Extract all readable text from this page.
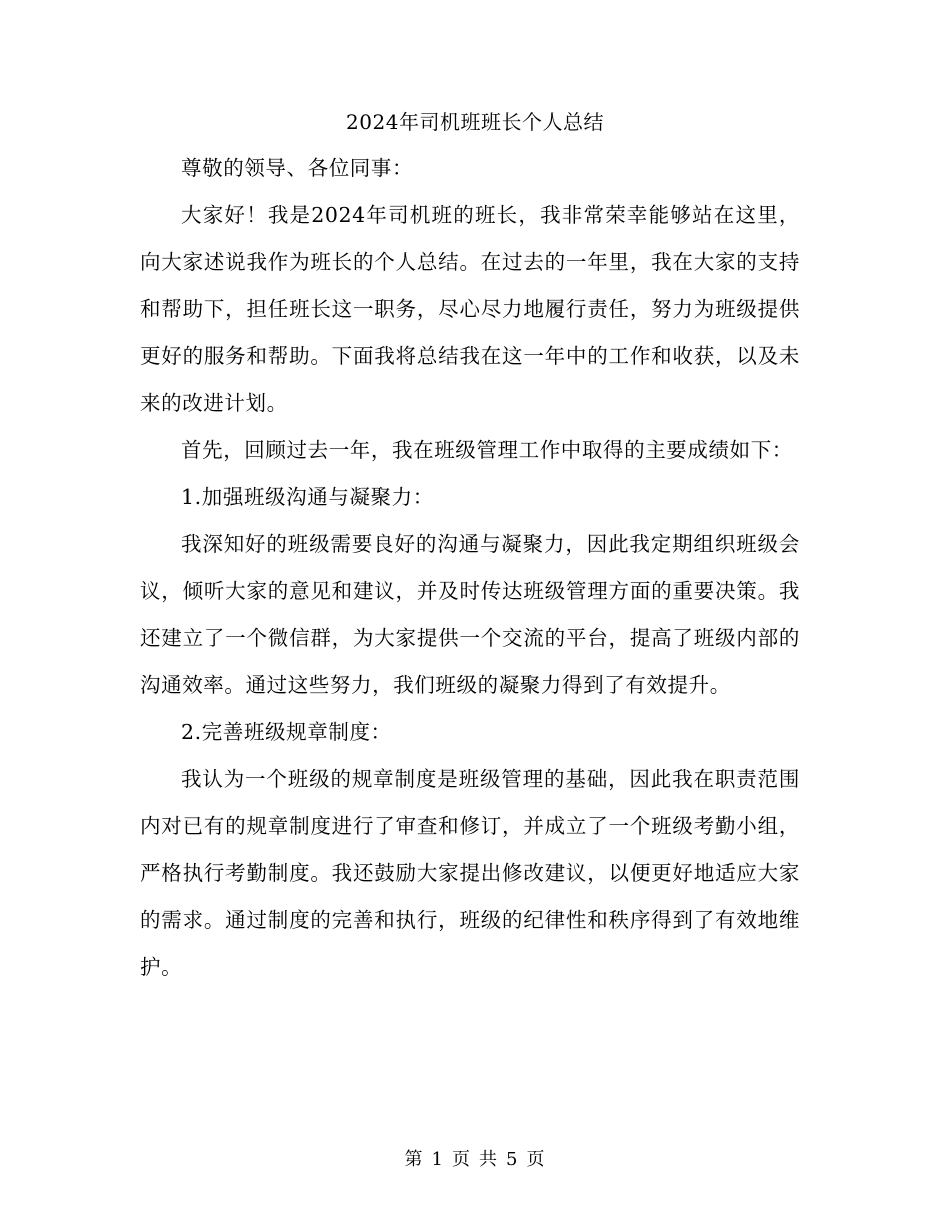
2024年司机班班长个人总结

尊敬的领导、各位同事：

大家好！我是2024年司机班的班长，我非常荣幸能够站在这里，向大家述说我作为班长的个人总结。在过去的一年里，我在大家的支持和帮助下，担任班长这一职务，尽心尽力地履行责任，努力为班级提供更好的服务和帮助。下面我将总结我在这一年中的工作和收获，以及未来的改进计划。

首先，回顾过去一年，我在班级管理工作中取得的主要成绩如下：

1.加强班级沟通与凝聚力：

我深知好的班级需要良好的沟通与凝聚力，因此我定期组织班级会议，倾听大家的意见和建议，并及时传达班级管理方面的重要决策。我还建立了一个微信群，为大家提供一个交流的平台，提高了班级内部的沟通效率。通过这些努力，我们班级的凝聚力得到了有效提升。

2.完善班级规章制度：

我认为一个班级的规章制度是班级管理的基础，因此我在职责范围内对已有的规章制度进行了审查和修订，并成立了一个班级考勤小组，严格执行考勤制度。我还鼓励大家提出修改建议，以便更好地适应大家的需求。通过制度的完善和执行，班级的纪律性和秩序得到了有效地维护。

第 1 页 共 5 页
